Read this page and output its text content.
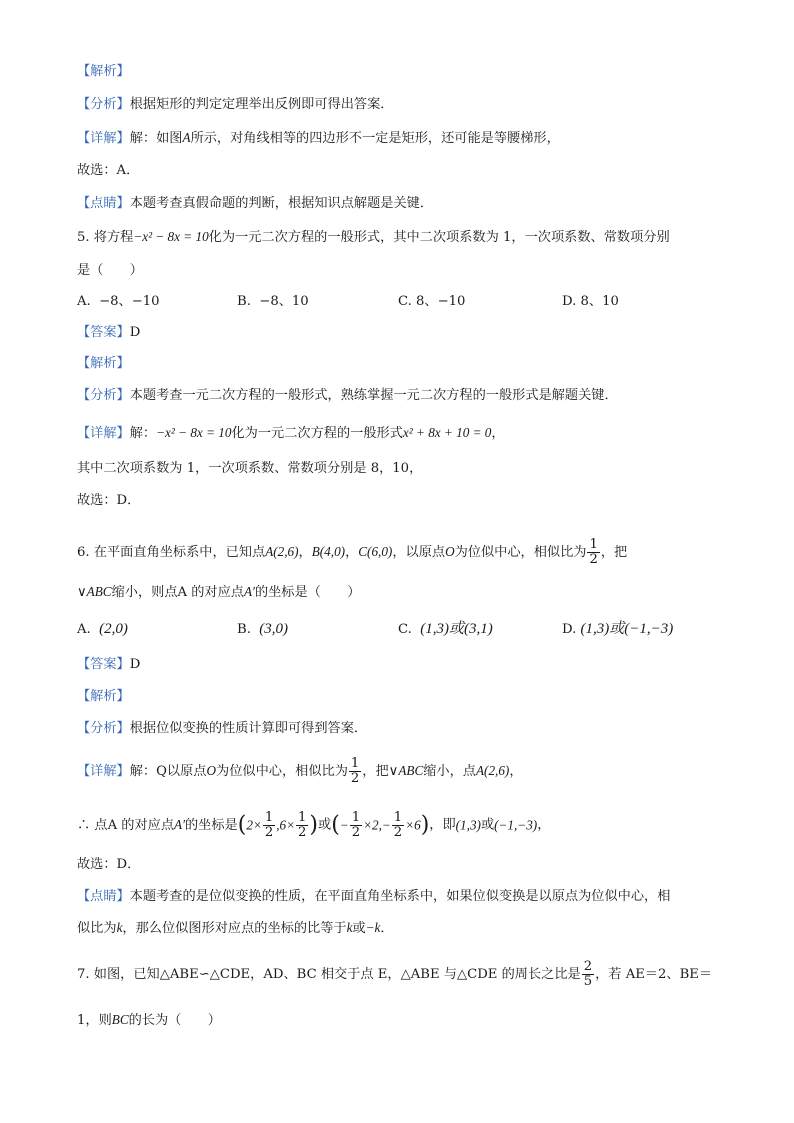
【解析】
【分析】根据矩形的判定定理举出反例即可得出答案．
【详解】解：如图A所示，对角线相等的四边形不一定是矩形，还可能是等腰梯形，
故选：A．
【点睛】本题考查真假命题的判断，根据知识点解题是关键．
5. 将方程−x² − 8x = 10化为一元二次方程的一般形式，其中二次项系数为 1，一次项系数、常数项分别
是（　　）
A. −8、−10	B. −8、10	C. 8、−10	D. 8、10
【答案】D
【解析】
【分析】本题考查一元二次方程的一般形式，熟练掌握一元二次方程的一般形式是解题关键．
【详解】解：−x² − 8x = 10化为一元二次方程的一般形式x² + 8x + 10 = 0，
其中二次项系数为 1，一次项系数、常数项分别是 8，10，
故选：D．
6. 在平面直角坐标系中，已知点A(2,6)，B(4,0)，C(6,0)，以原点O为位似中心，相似比为 $\frac{1}{2}$ ，把
∨ABC缩小，则点A 的对应点A′的坐标是（　　）
A. (2,0)	B. (3,0)	C. (1,3)或(3,1)	D. (1,3)或(−1,−3)
【答案】D
【解析】
【分析】根据位似变换的性质计算即可得到答案．
【详解】解：Q以原点O为位似中心，相似比为 $\frac{1}{2}$ ，把∨ABC缩小，点A(2,6)，
∴ 点A 的对应点A′的坐标是($2\times \frac{1}{2} ,6\times \frac{1}{2}$ )或(− $\frac{1}{2} \times 2,- \frac{1}{2} \times 6$)，即(1,3)或(−1,−3)，
故选：D．
【点睛】本题考查的是位似变换的性质，在平面直角坐标系中，如果位似变换是以原点为位似中心，相
似比为k，那么位似图形对应点的坐标的比等于k或−k．
7. 如图，已知△ABE∽△CDE，AD、BC 相交于点 E，△ABE 与△CDE 的周长之比是 $\frac{2}{5}$ ，若 AE＝2、BE＝
1，则BC的长为（　　）
